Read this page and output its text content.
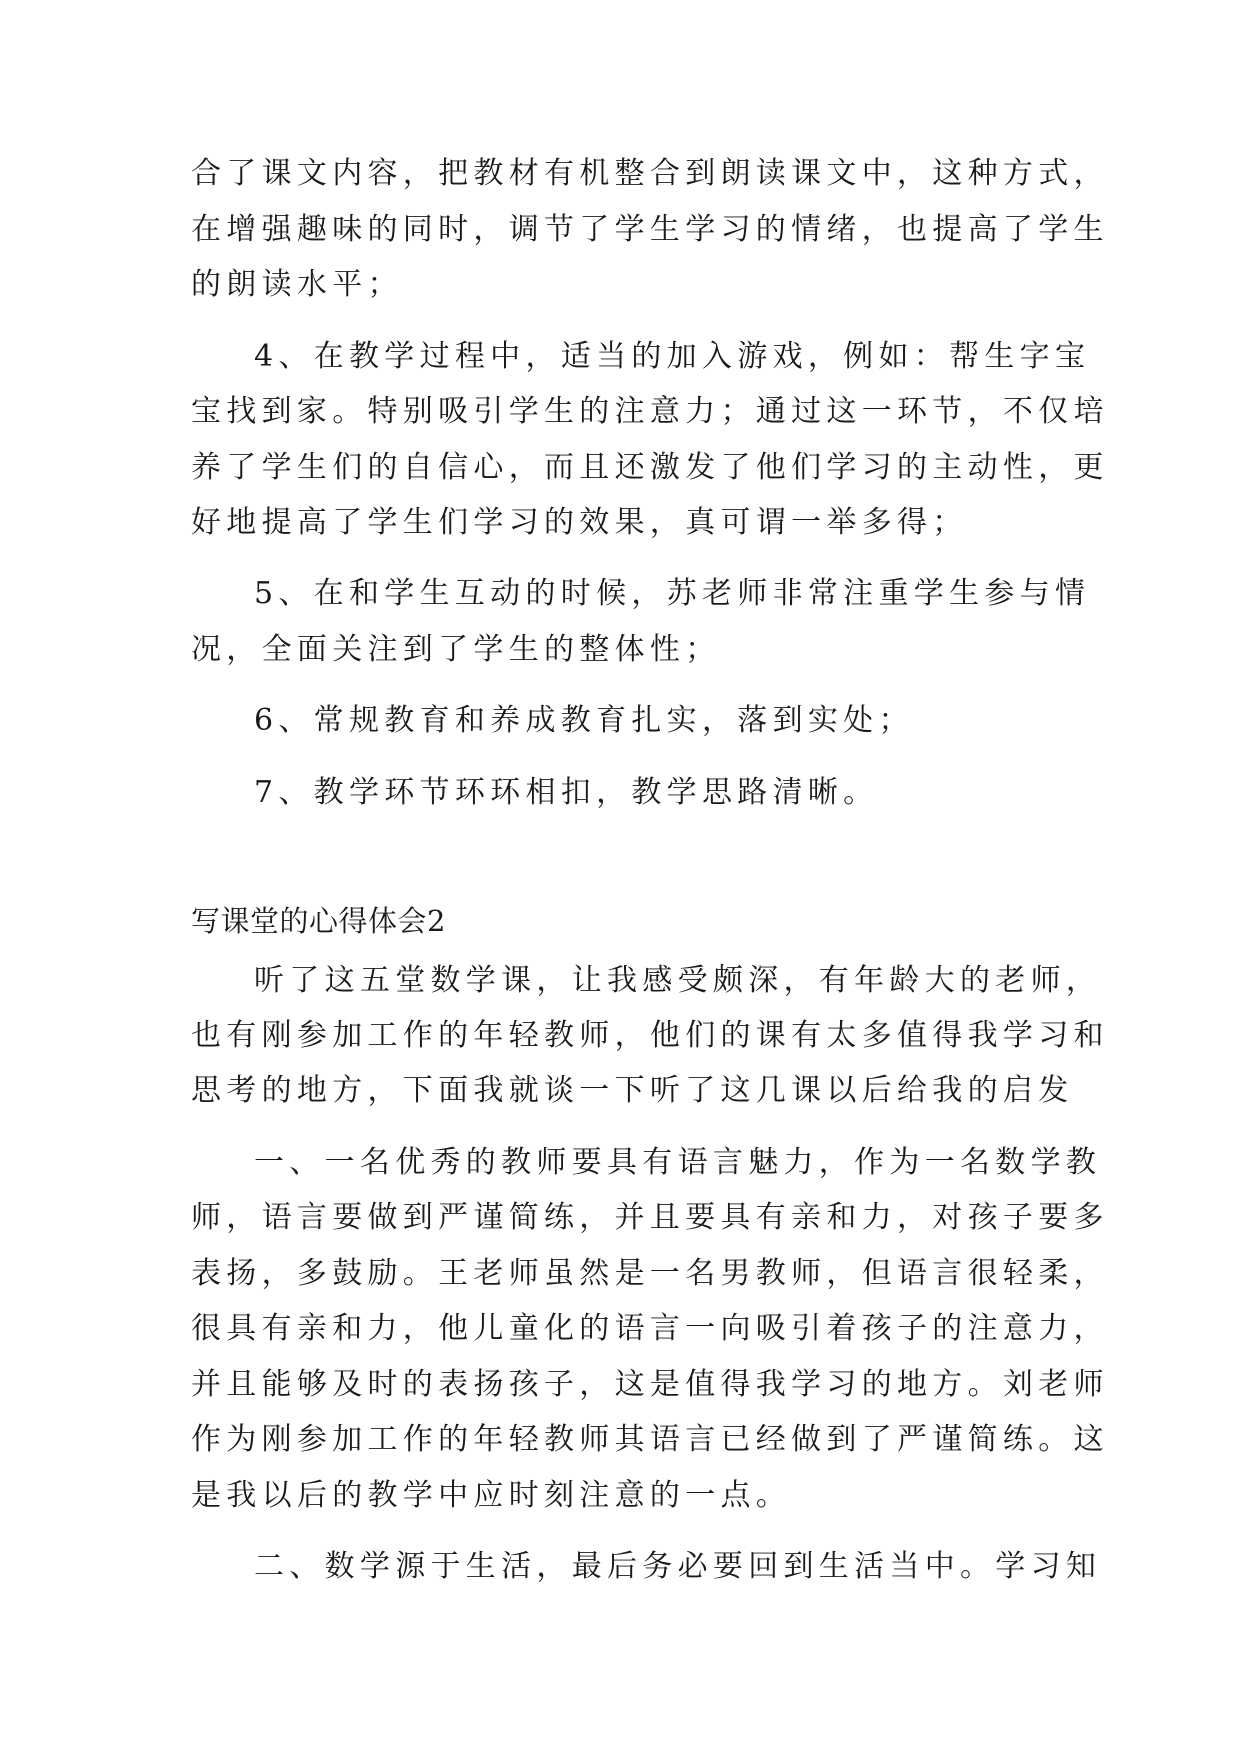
合了课文内容，把教材有机整合到朗读课文中，这种方式，
在增强趣味的同时，调节了学生学习的情绪，也提高了学生
的朗读水平；
4、在教学过程中，适当的加入游戏，例如：帮生字宝
宝找到家。特别吸引学生的注意力；通过这一环节，不仅培
养了学生们的自信心，而且还激发了他们学习的主动性，更
好地提高了学生们学习的效果，真可谓一举多得；
5、在和学生互动的时候，苏老师非常注重学生参与情
况，全面关注到了学生的整体性；
6、常规教育和养成教育扎实，落到实处；
7、教学环节环环相扣，教学思路清晰。
写课堂的心得体会2
听了这五堂数学课，让我感受颇深，有年龄大的老师，
也有刚参加工作的年轻教师，他们的课有太多值得我学习和
思考的地方，下面我就谈一下听了这几课以后给我的启发
一、一名优秀的教师要具有语言魅力，作为一名数学教
师，语言要做到严谨简练，并且要具有亲和力，对孩子要多
表扬，多鼓励。王老师虽然是一名男教师，但语言很轻柔，
很具有亲和力，他儿童化的语言一向吸引着孩子的注意力，
并且能够及时的表扬孩子，这是值得我学习的地方。刘老师
作为刚参加工作的年轻教师其语言已经做到了严谨简练。这
是我以后的教学中应时刻注意的一点。
二、数学源于生活，最后务必要回到生活当中。学习知
